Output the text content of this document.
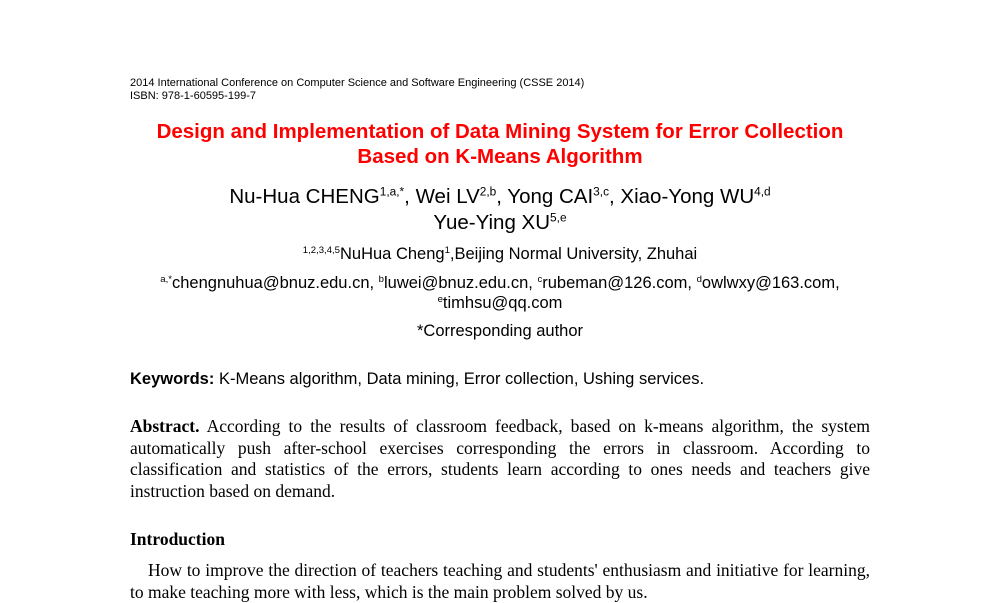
2014 International Conference on Computer Science and Software Engineering (CSSE 2014)
ISBN: 978-1-60595-199-7
Design and Implementation of Data Mining System for Error Collection
Based on K-Means Algorithm
Nu-Hua $CHENG^{1,a,*}$, Wei LV$^{2,b}$, Yong CAI$^{3,c}$, Xiao-Yong WU$^{4,d}$
Yue-Ying XU$^{5,e}$
$^{1,2,3,4,5}$NuHua Cheng$^1$,Beijing Normal University, Zhuhai
$^{a,*}$chengnuhua@bnuz.edu.cn, $^b$luwei@bnuz.edu.cn, $^c$rubeman@126.com, $^d$owlwxy@163.com,
$^e$timhsu@qq.com
*Corresponding author
Keywords: K-Means algorithm, Data mining, Error collection, Ushing services.
Abstract. According to the results of classroom feedback, based on k-means algorithm, the system automatically push after-school exercises corresponding the errors in classroom. According to classification and statistics of the errors, students learn according to ones needs and teachers give instruction based on demand.
Introduction
How to improve the direction of teachers teaching and students' enthusiasm and initiative for learning, to make teaching more with less, which is the main problem solved by us.
